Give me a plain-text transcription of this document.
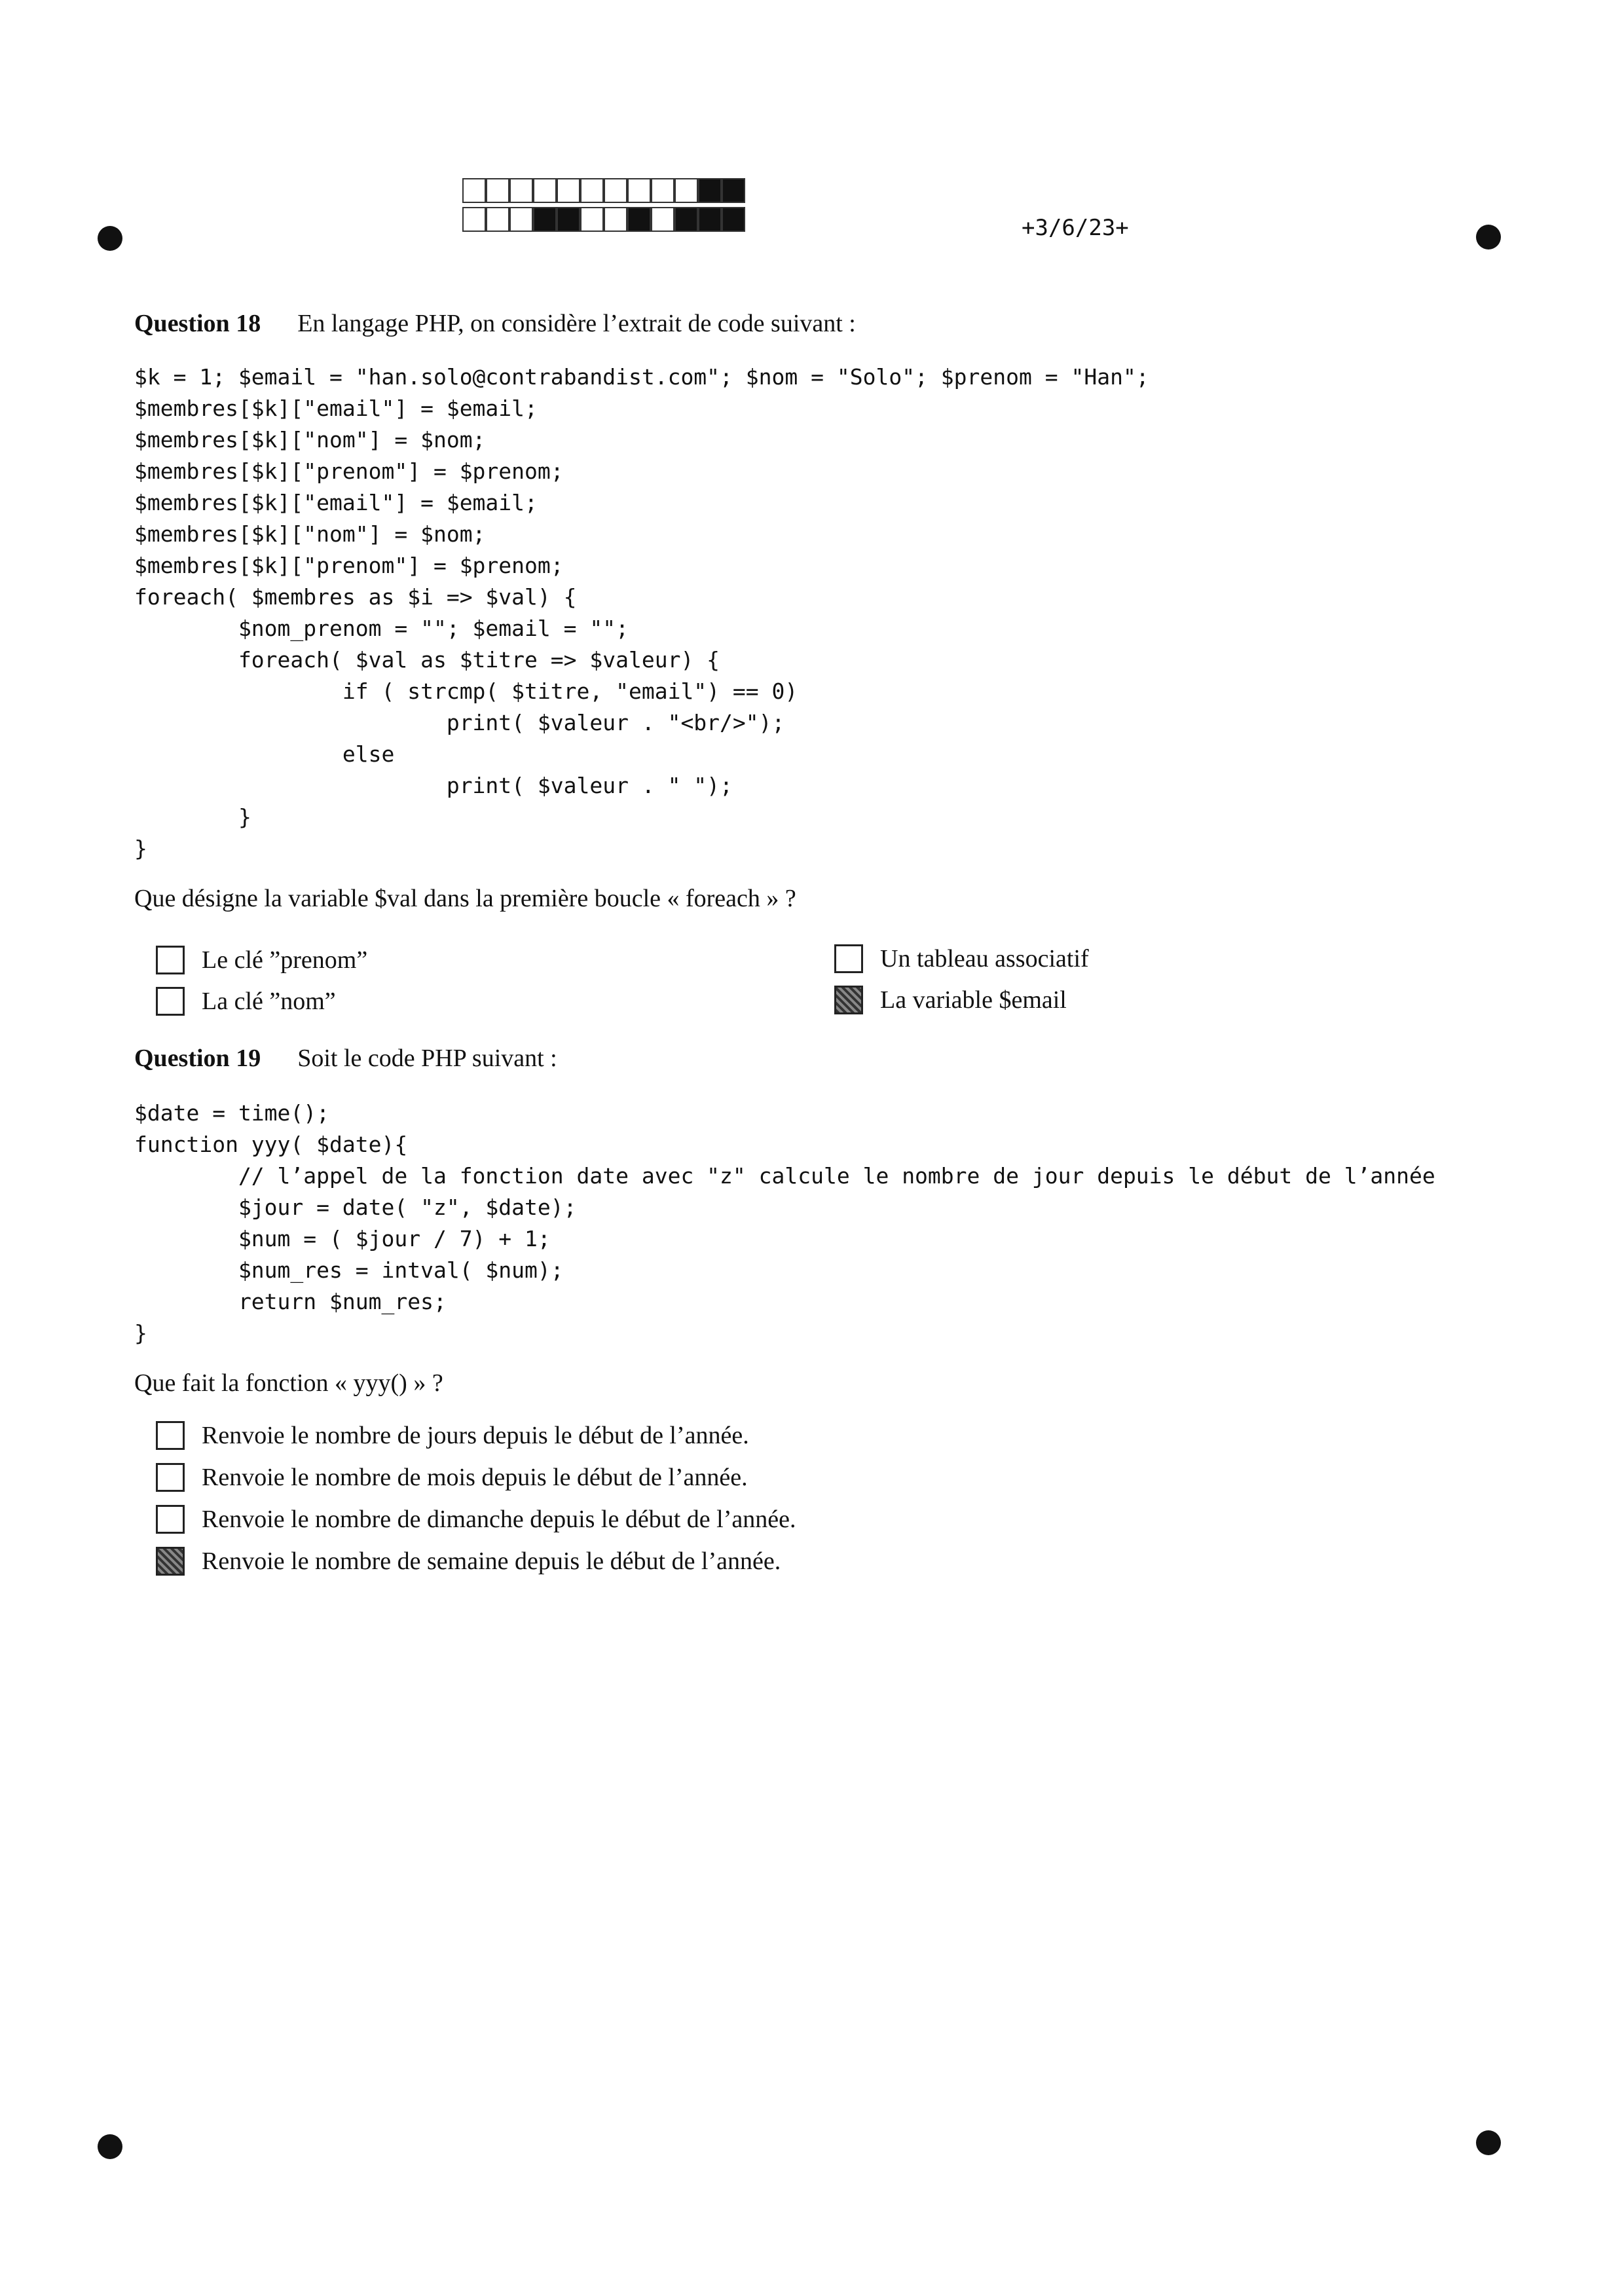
+3/6/23+
Question 18 En langage PHP, on considère l’extrait de code suivant :
$k = 1; $email = "han.solo@contrabandist.com"; $nom = "Solo"; $prenom = "Han";
$membres[$k]["email"] = $email;
$membres[$k]["nom"] = $nom;
$membres[$k]["prenom"] = $prenom;
$membres[$k]["email"] = $email;
$membres[$k]["nom"] = $nom;
$membres[$k]["prenom"] = $prenom;
foreach( $membres as $i => $val) {
$nom_prenom = ""; $email = "";
foreach( $val as $titre => $valeur) {
if ( strcmp( $titre, "email") == 0)
print( $valeur . "<br/>");
else
print( $valeur . " ");
}
}
Que désigne la variable $val dans la première boucle « foreach » ?
Le clé ”prenom”	Un tableau associatif
La clé ”nom”	La variable $email
Question 19 Soit le code PHP suivant :
$date = time();
function yyy( $date){
// l’appel de la fonction date avec "z" calcule le nombre de jour depuis le début de l’année
$jour = date( "z", $date);
$num = ( $jour / 7) + 1;
$num_res = intval( $num);
return $num_res;
}
Que fait la fonction « yyy() » ?
Renvoie le nombre de jours depuis le début de l’année.
Renvoie le nombre de mois depuis le début de l’année.
Renvoie le nombre de dimanche depuis le début de l’année.
Renvoie le nombre de semaine depuis le début de l’année.
